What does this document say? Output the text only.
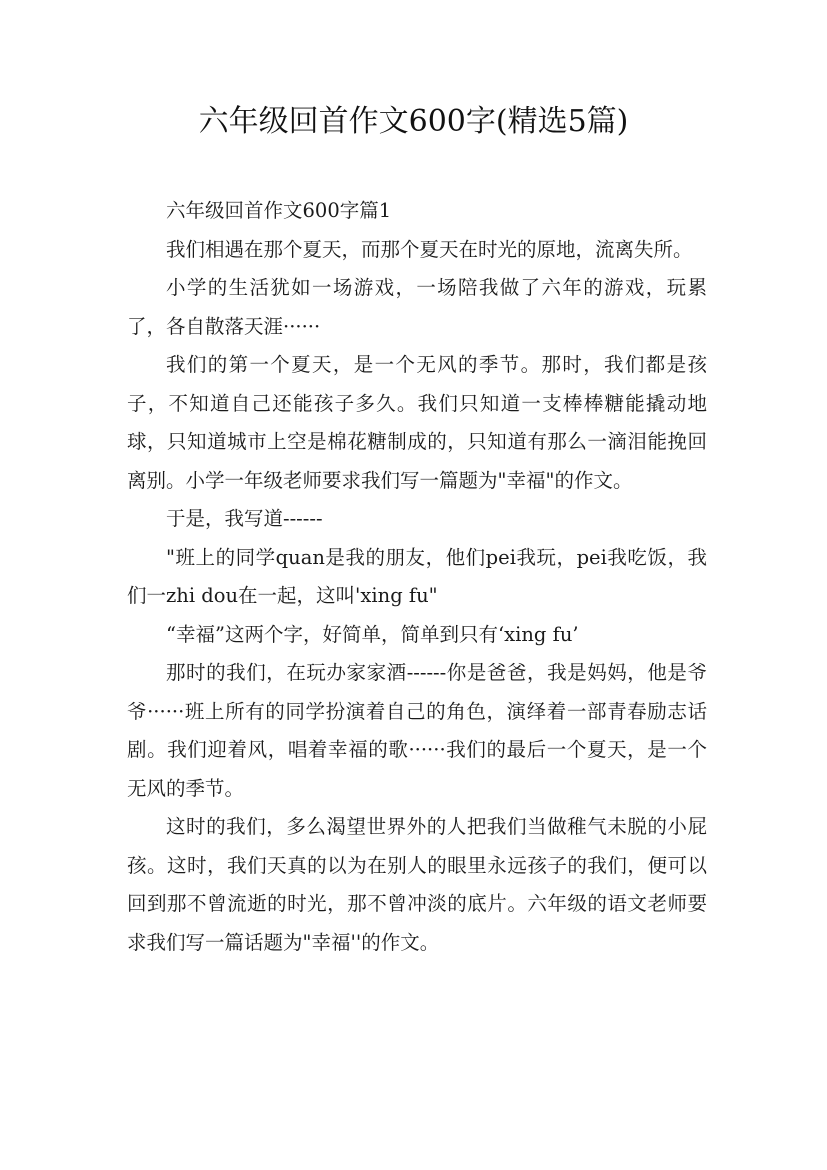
六年级回首作文600字(精选5篇)

六年级回首作文600字篇1

我们相遇在那个夏天，而那个夏天在时光的原地，流离失所。

小学的生活犹如一场游戏，一场陪我做了六年的游戏，玩累了，各自散落天涯······

我们的第一个夏天，是一个无风的季节。那时，我们都是孩子，不知道自己还能孩子多久。我们只知道一支棒棒糖能撬动地球，只知道城市上空是棉花糖制成的，只知道有那么一滴泪能挽回离别。小学一年级老师要求我们写一篇题为"幸福"的作文。

于是，我写道------

"班上的同学quan是我的朋友，他们pei我玩，pei我吃饭，我们一zhi dou在一起，这叫'xing fu"

“幸福”这两个字，好简单，简单到只有‘xing fu’

那时的我们，在玩办家家酒------你是爸爸，我是妈妈，他是爷爷······班上所有的同学扮演着自己的角色，演绎着一部青春励志话剧。我们迎着风，唱着幸福的歌······我们的最后一个夏天，是一个无风的季节。

这时的我们，多么渴望世界外的人把我们当做稚气未脱的小屁孩。这时，我们天真的以为在别人的眼里永远孩子的我们，便可以回到那不曾流逝的时光，那不曾冲淡的底片。六年级的语文老师要求我们写一篇话题为"幸福''的作文。
